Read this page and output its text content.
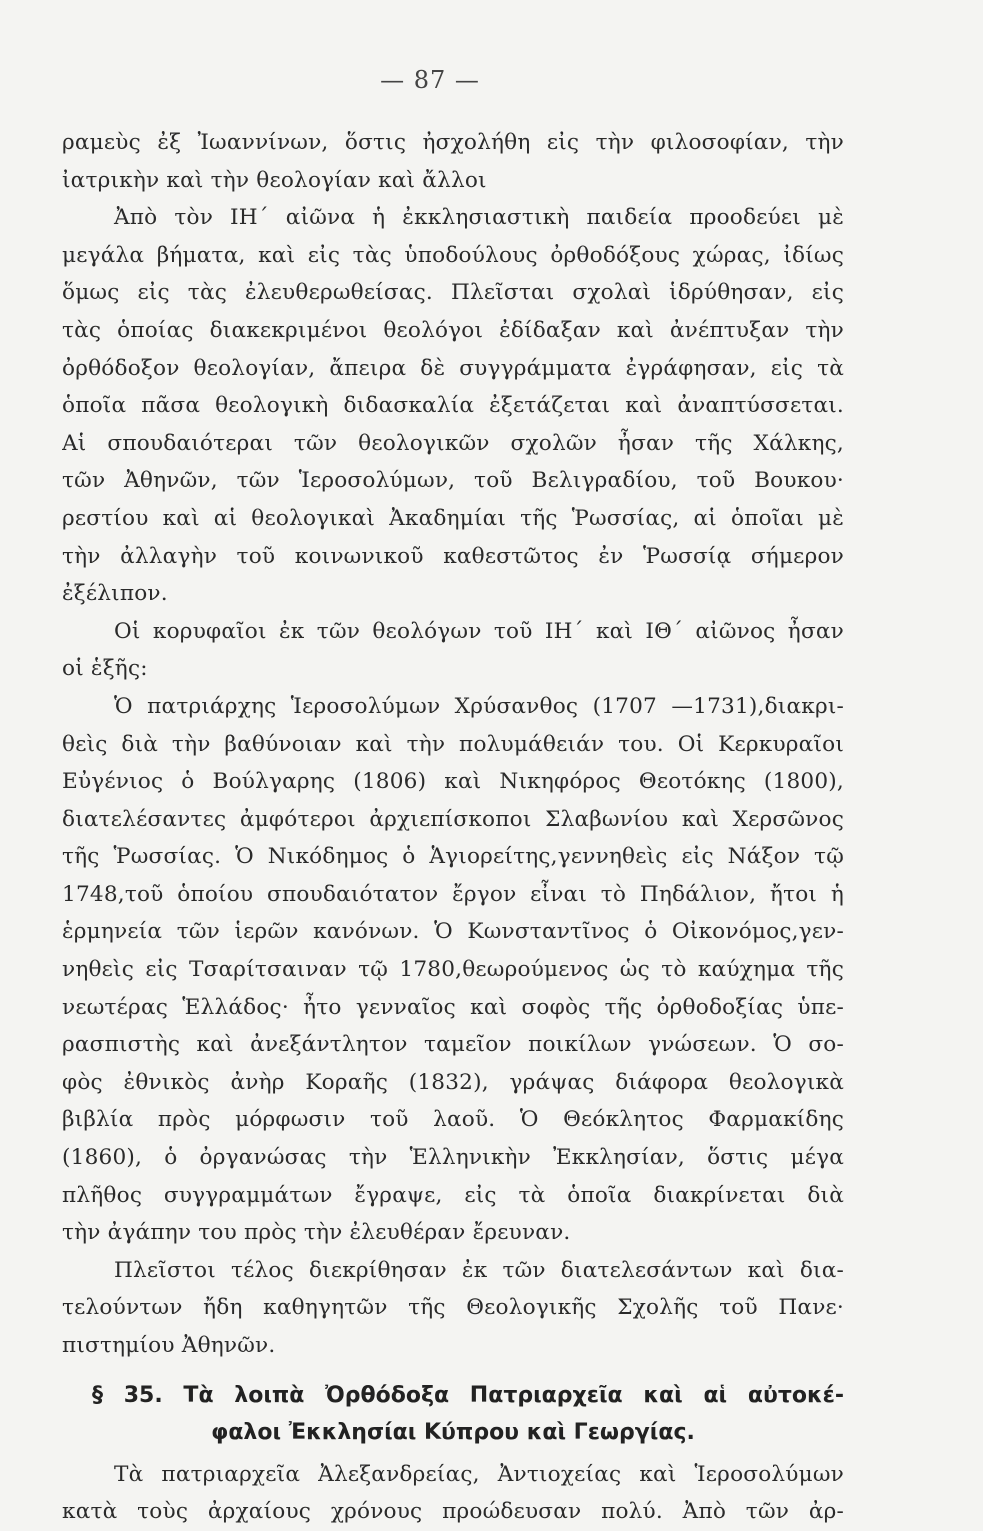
— 87 —
ραμεὺς ἐξ Ἰωαννίνων, ὅστις ἠσχολήθη εἰς τὴν φιλοσοφίαν, τὴν
ἰατρικὴν καὶ τὴν θεολογίαν καὶ ἄλλοι
Ἀπὸ τὸν ΙΗ´ αἰῶνα ἡ ἐκκλησιαστικὴ παιδεία προοδεύει μὲ
μεγάλα βήματα, καὶ εἰς τὰς ὑποδούλους ὀρθοδόξους χώρας, ἰδίως
ὅμως εἰς τὰς ἐλευθερωθείσας. Πλεῖσται σχολαὶ ἱδρύθησαν, εἰς
τὰς ὁποίας διακεκριμένοι θεολόγοι ἐδίδαξαν καὶ ἀνέπτυξαν τὴν
ὀρθόδοξον θεολογίαν, ἄπειρα δὲ συγγράμματα ἐγράφησαν, εἰς τὰ
ὁποῖα πᾶσα θεολογικὴ διδασκαλία ἐξετάζεται καὶ ἀναπτύσσεται.
Αἱ σπουδαιότεραι τῶν θεολογικῶν σχολῶν ἦσαν τῆς Χάλκης,
τῶν Ἀθηνῶν, τῶν Ἱεροσολύμων, τοῦ Βελιγραδίου, τοῦ Βουκου·
ρεστίου καὶ αἱ θεολογικαὶ Ἀκαδημίαι τῆς Ῥωσσίας, αἱ ὁποῖαι μὲ
τὴν ἀλλαγὴν τοῦ κοινωνικοῦ καθεστῶτος ἐν Ῥωσσίᾳ σήμερον
ἐξέλιπον.
Οἱ κορυφαῖοι ἐκ τῶν θεολόγων τοῦ ΙΗ´ καὶ ΙΘ´ αἰῶνος ἦσαν
οἱ ἑξῆς:
Ὁ πατριάρχης Ἱεροσολύμων Χρύσανθος (1707 —1731),διακρι-
θεὶς διὰ τὴν βαθύνοιαν καὶ τὴν πολυμάθειάν του. Οἱ Κερκυραῖοι
Εὐγένιος ὁ Βούλγαρης (1806) καὶ Νικηφόρος Θεοτόκης (1800),
διατελέσαντες ἀμφότεροι ἀρχιεπίσκοποι Σλαβωνίου καὶ Χερσῶνος
τῆς Ῥωσσίας. Ὁ Νικόδημος ὁ Ἁγιορείτης,γεννηθεὶς εἰς Νάξον τῷ
1748,τοῦ ὁποίου σπουδαιότατον ἔργον εἶναι τὸ Πηδάλιον, ἤτοι ἡ
ἑρμηνεία τῶν ἱερῶν κανόνων. Ὁ Κωνσταντῖνος ὁ Οἰκονόμος,γεν-
νηθεὶς εἰς Τσαρίτσαιναν τῷ 1780,θεωρούμενος ὡς τὸ καύχημα τῆς
νεωτέρας Ἑλλάδος· ἦτο γενναῖος καὶ σοφὸς τῆς ὀρθοδοξίας ὑπε-
ρασπιστὴς καὶ ἀνεξάντλητον ταμεῖον ποικίλων γνώσεων. Ὁ σο-
φὸς ἐθνικὸς ἀνὴρ Κοραῆς (1832), γράψας διάφορα θεολογικὰ
βιβλία πρὸς μόρφωσιν τοῦ λαοῦ. Ὁ Θεόκλητος Φαρμακίδης
(1860), ὁ ὀργανώσας τὴν Ἑλληνικὴν Ἐκκλησίαν, ὅστις μέγα
πλῆθος συγγραμμάτων ἔγραψε, εἰς τὰ ὁποῖα διακρίνεται διὰ
τὴν ἀγάπην του πρὸς τὴν ἐλευθέραν ἔρευναν.
Πλεῖστοι τέλος διεκρίθησαν ἐκ τῶν διατελεσάντων καὶ δια-
τελούντων ἤδη καθηγητῶν τῆς Θεολογικῆς Σχολῆς τοῦ Πανε·
πιστημίου Ἀθηνῶν.
§ 35. Τὰ λοιπὰ Ὀρθόδοξα Πατριαρχεῖα καὶ αἱ αὐτοκέ-
φαλοι Ἐκκλησίαι Κύπρου καὶ Γεωργίας.
Τὰ πατριαρχεῖα Ἀλεξανδρείας, Ἀντιοχείας καὶ Ἱεροσολύμων
κατὰ τοὺς ἀρχαίους χρόνους προώδευσαν πολύ. Ἀπὸ τῶν ἀρ-
